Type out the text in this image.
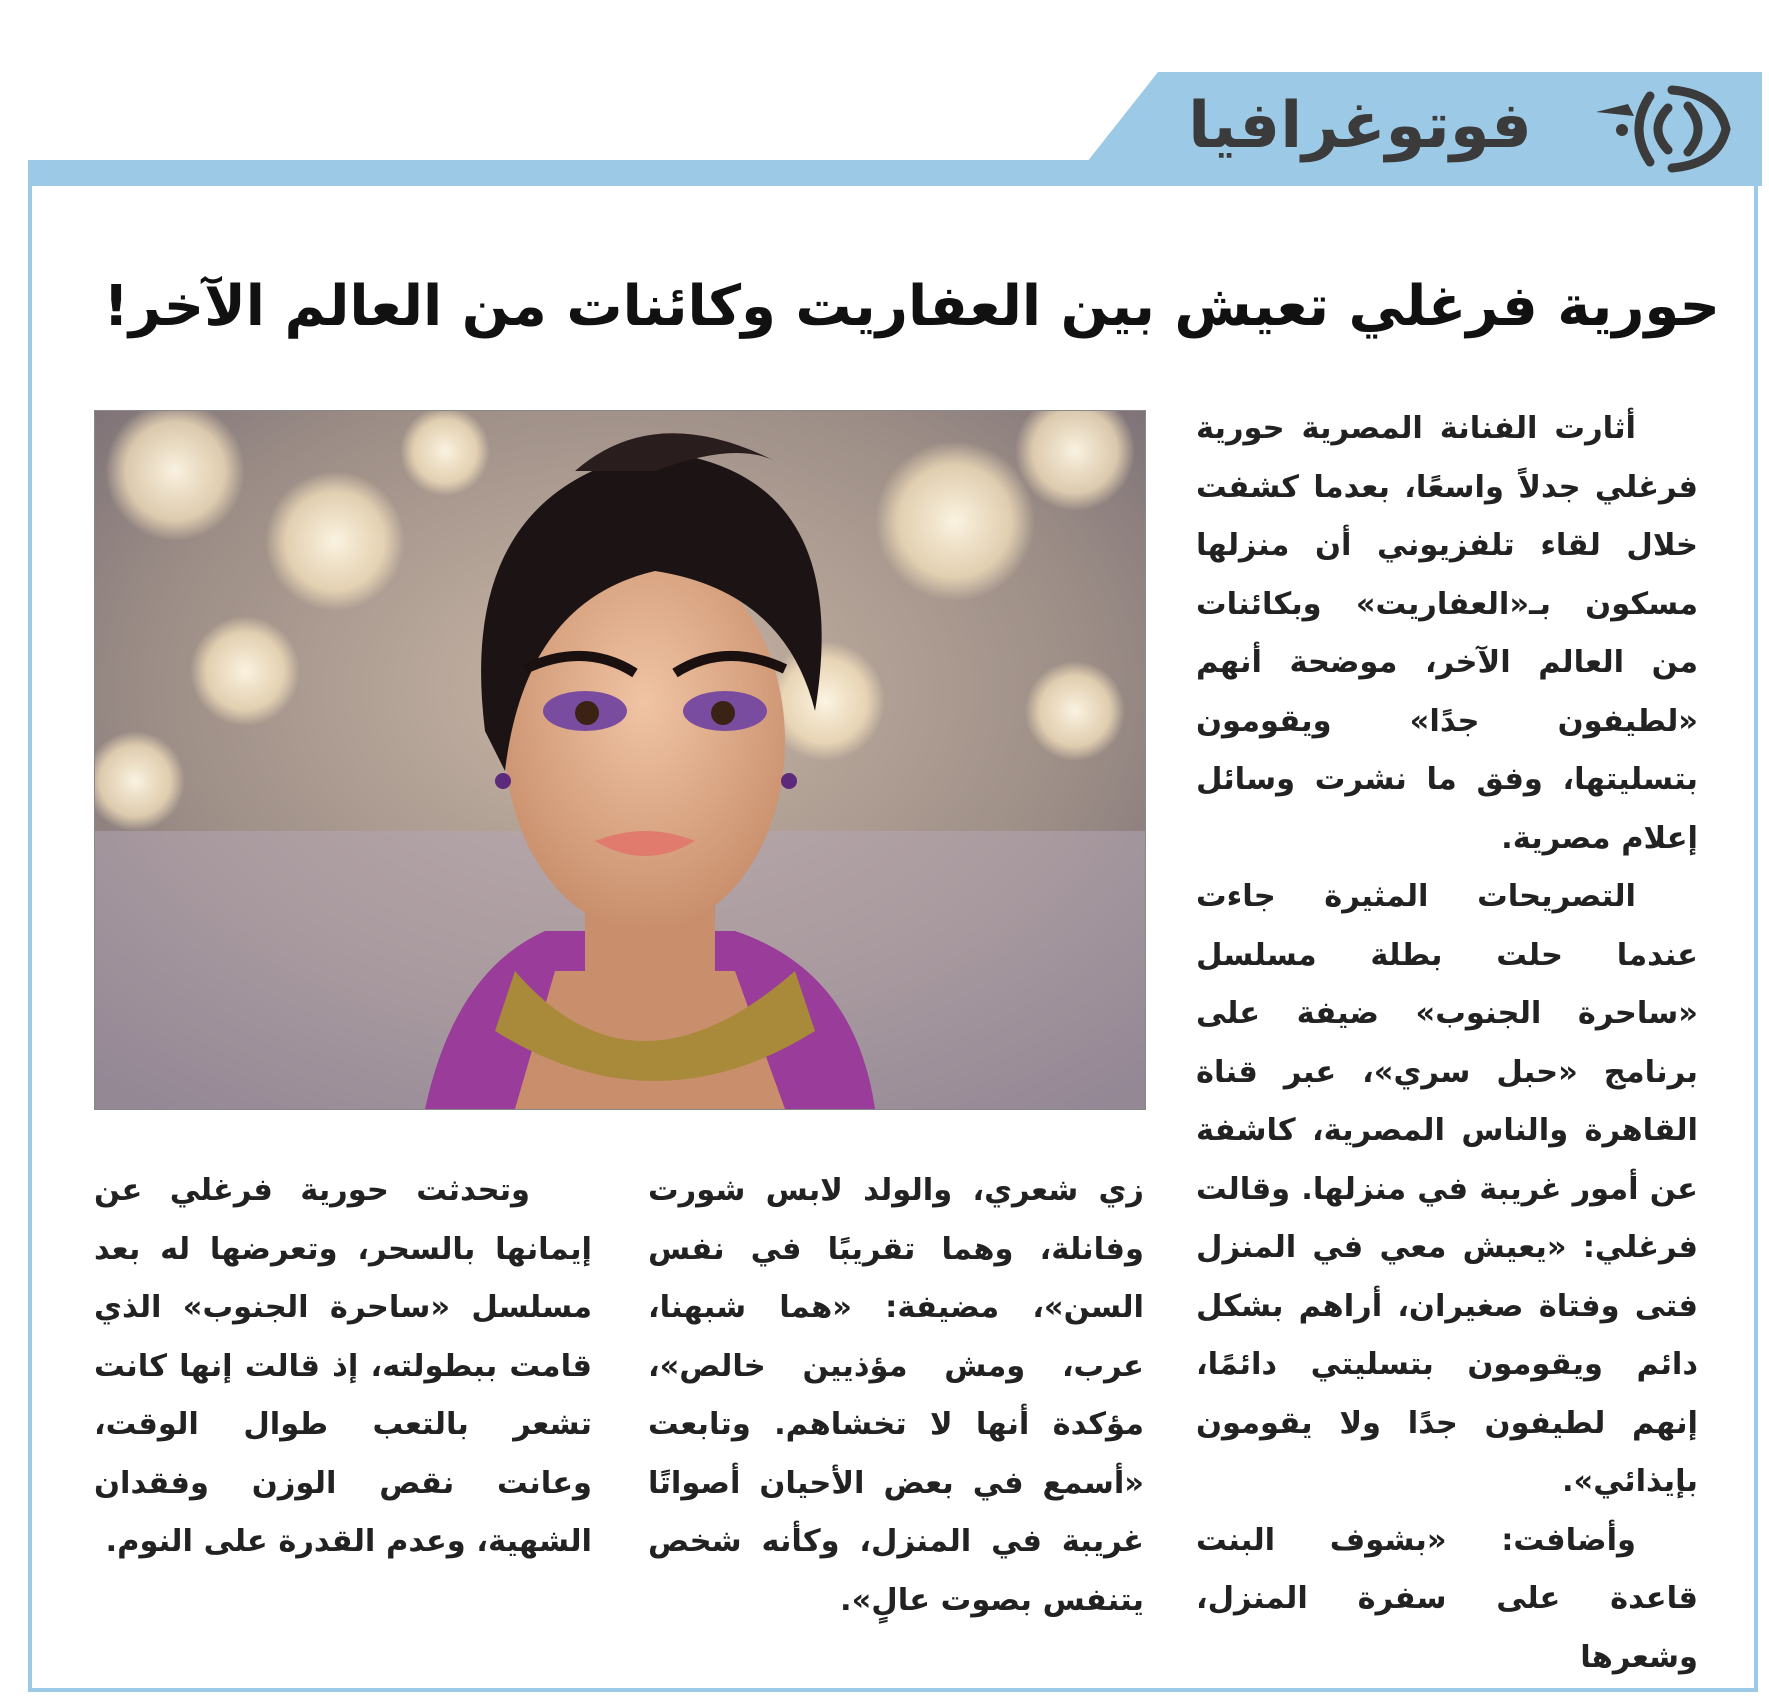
فوتوغرافيا
حورية فرغلي تعيش بين العفاريت وكائنات من العالم الآخر!

أثارت الفنانة المصرية حورية فرغلي جدلاً واسعًا، بعدما كشفت خلال لقاء تلفزيوني أن منزلها مسكون بـ«العفاريت» وبكائنات من العالم الآخر، موضحة أنهم «لطيفون جدًا» ويقومون بتسليتها، وفق ما نشرت وسائل إعلام مصرية.

التصريحات المثيرة جاءت عندما حلت بطلة مسلسل «ساحرة الجنوب» ضيفة على برنامج «حبل سري»، عبر قناة القاهرة والناس المصرية، كاشفة عن أمور غريبة في منزلها. وقالت فرغلي: «يعيش معي في المنزل فتى وفتاة صغيران، أراهم بشكل دائم ويقومون بتسليتي دائمًا، إنهم لطيفون جدًا ولا يقومون بإيذائي».

وأضافت: «بشوف البنت قاعدة على سفرة المنزل، وشعرها

زي شعري، والولد لابس شورت وفانلة، وهما تقريبًا في نفس السن»، مضيفة: «هما شبهنا، عرب، ومش مؤذيين خالص»، مؤكدة أنها لا تخشاهم. وتابعت «أسمع في بعض الأحيان أصواتًا غريبة في المنزل، وكأنه شخص يتنفس بصوت عالٍ».

وتحدثت حورية فرغلي عن إيمانها بالسحر، وتعرضها له بعد مسلسل «ساحرة الجنوب» الذي قامت ببطولته، إذ قالت إنها كانت تشعر بالتعب طوال الوقت، وعانت نقص الوزن وفقدان الشهية، وعدم القدرة على النوم.
